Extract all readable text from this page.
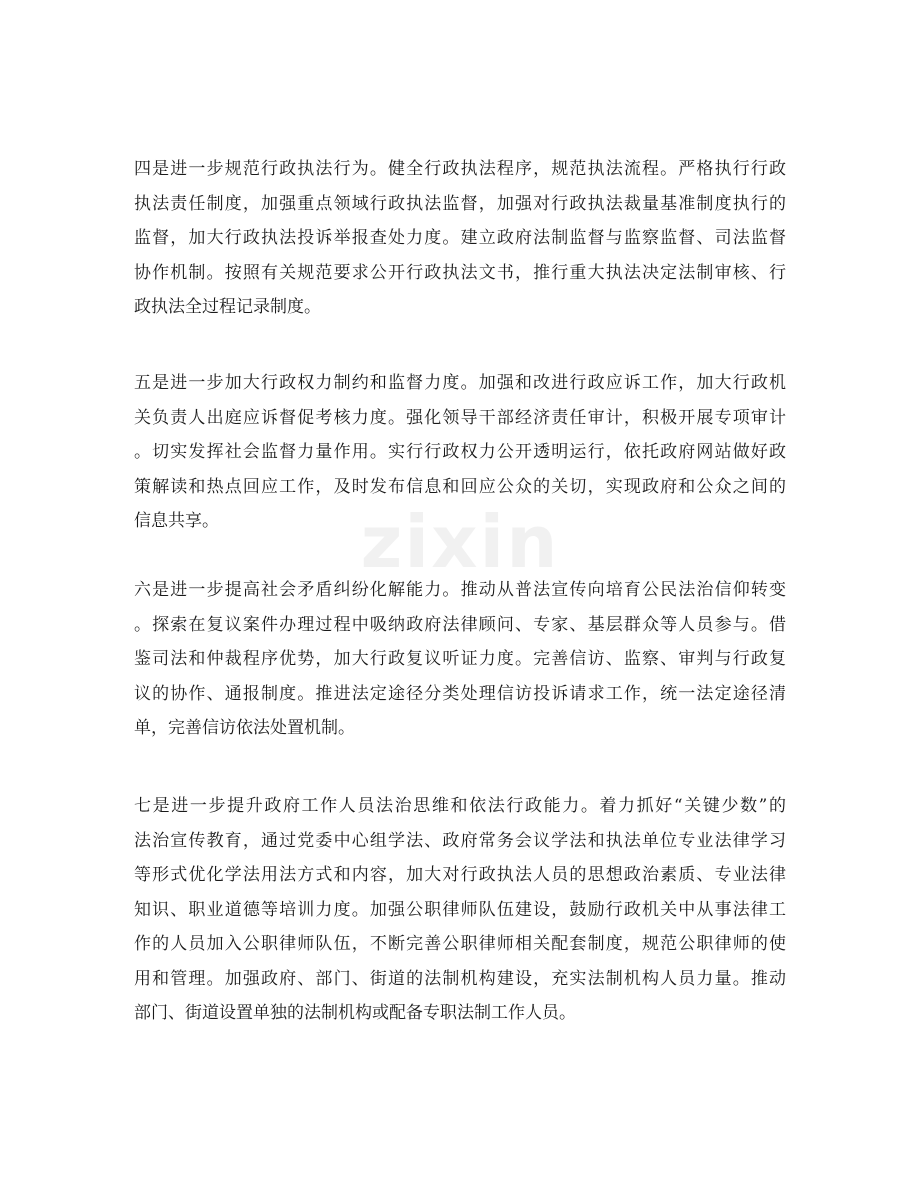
zixin
四是进一步规范行政执法行为。健全行政执法程序，规范执法流程。严格执行行政
执法责任制度，加强重点领域行政执法监督，加强对行政执法裁量基准制度执行的
监督，加大行政执法投诉举报查处力度。建立政府法制监督与监察监督、司法监督
协作机制。按照有关规范要求公开行政执法文书，推行重大执法决定法制审核、行
政执法全过程记录制度。
五是进一步加大行政权力制约和监督力度。加强和改进行政应诉工作，加大行政机
关负责人出庭应诉督促考核力度。强化领导干部经济责任审计，积极开展专项审计
。切实发挥社会监督力量作用。实行行政权力公开透明运行，依托政府网站做好政
策解读和热点回应工作，及时发布信息和回应公众的关切，实现政府和公众之间的
信息共享。
六是进一步提高社会矛盾纠纷化解能力。推动从普法宣传向培育公民法治信仰转变
。探索在复议案件办理过程中吸纳政府法律顾问、专家、基层群众等人员参与。借
鉴司法和仲裁程序优势，加大行政复议听证力度。完善信访、监察、审判与行政复
议的协作、通报制度。推进法定途径分类处理信访投诉请求工作，统一法定途径清
单，完善信访依法处置机制。
七是进一步提升政府工作人员法治思维和依法行政能力。着力抓好“关键少数”的
法治宣传教育，通过党委中心组学法、政府常务会议学法和执法单位专业法律学习
等形式优化学法用法方式和内容，加大对行政执法人员的思想政治素质、专业法律
知识、职业道德等培训力度。加强公职律师队伍建设，鼓励行政机关中从事法律工
作的人员加入公职律师队伍，不断完善公职律师相关配套制度，规范公职律师的使
用和管理。加强政府、部门、街道的法制机构建设，充实法制机构人员力量。推动
部门、街道设置单独的法制机构或配备专职法制工作人员。
